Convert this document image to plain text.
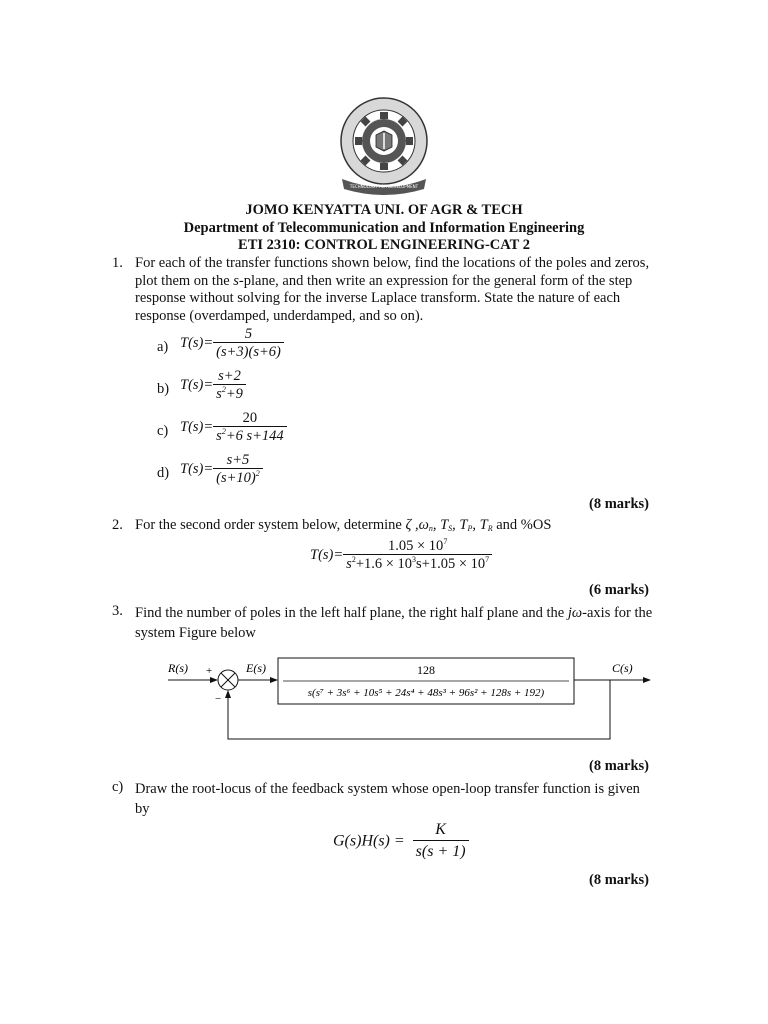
TECHNOLOGY FOR DEVELOPMENT
JOMO KENYATTA UNI. OF AGR & TECH
Department of Telecommunication and Information Engineering
ETI 2310: CONTROL ENGINEERING-CAT 2
1. For each of the transfer functions shown below, find the locations of the poles and zeros,
plot them on the s-plane, and then write an expression for the general form of the step
response without solving for the inverse Laplace transform. State the nature of each
response (overdamped, underdamped, and so on).
a) $T(s)= \frac{5}{(s+3)(s+6)}$
b) $T(s)= \frac{s+2}{s^2+9}$
c) $T(s)= \frac{20}{s^2+6 s+144}$
d) $T(s)= \frac{s+5}{(s+10)^2}$
(8 marks)
2. For the second order system below, determine ζ $,\omega_n$, $T_S$, $T_P$, $T_R$ and %OS
$T(s)= \frac{1.05 \times 10^7}{s^2+1.6 \times 10^3s+1.05 \times 10^7}$
(6 marks)
3. Find the number of poles in the left half plane, the right half plane and the jω-axis for the
system Figure below
R(s) +
−
E(s)	128
s(s⁷ + 3s⁶ + 10s⁵ + 24s⁴ + 48s³ + 96s² + 128s + 192)
C(s)
(8 marks)
c) Draw the root-locus of the feedback system whose open-loop transfer function is given
by
$G(s)H(s) = \frac{K}{s(s + 1)}$
(8 marks)
